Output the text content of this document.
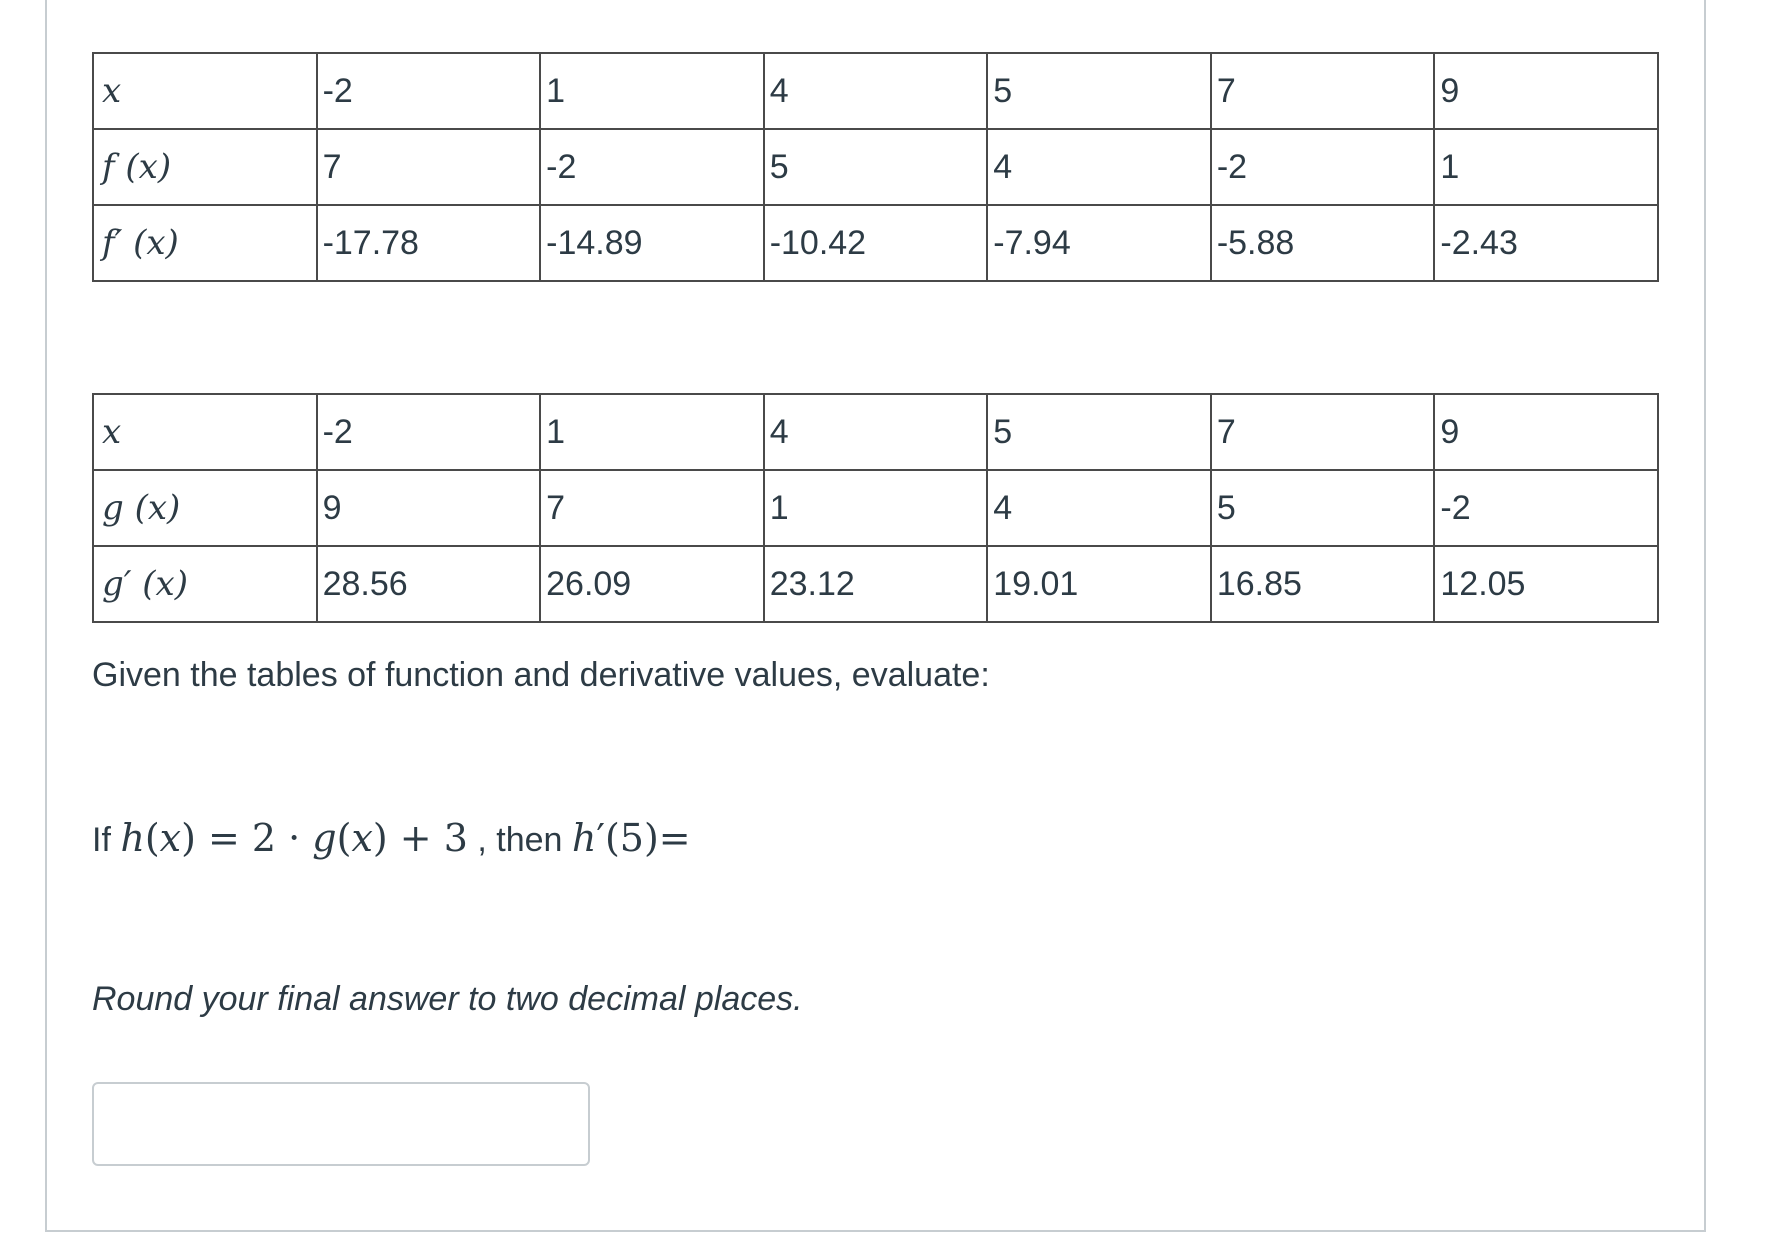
𝑥	-2	1	4	5	7	9
𝑓 (𝑥)	7	-2	5	4	-2	1
𝑓′ (𝑥)	-17.78	-14.89	-10.42	-7.94	-5.88	-2.43
𝑥	-2	1	4	5	7	9
𝑔 (𝑥)	9	7	1	4	5	-2
𝑔′ (𝑥)	28.56	26.09	23.12	19.01	16.85	12.05
Given the tables of function and derivative values, evaluate:
If ℎ(𝑥) = 2 · 𝑔(𝑥) + 3 , then ℎ′(5)=
Round your final answer to two decimal places.
